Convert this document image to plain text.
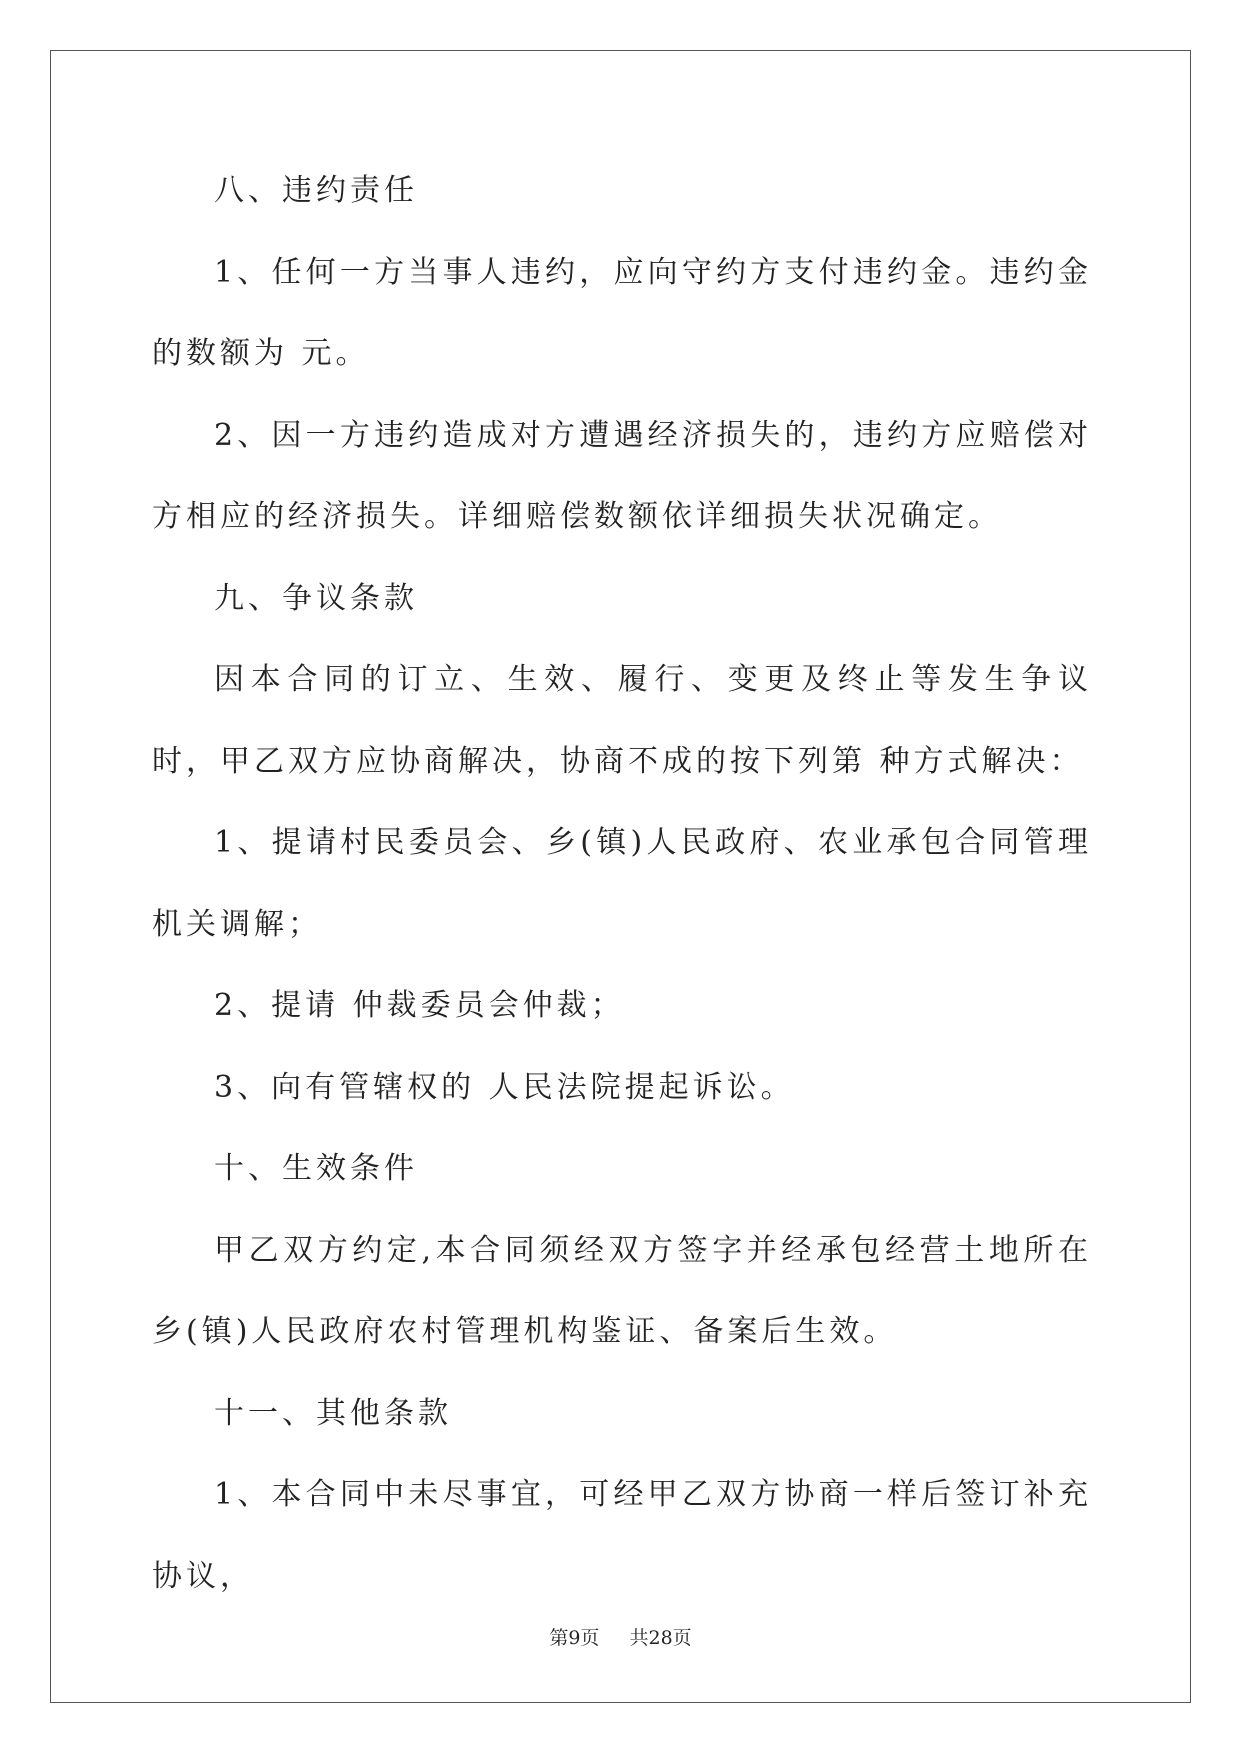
八、违约责任

1、任何一方当事人违约，应向守约方支付违约金。违约金的数额为 元。

2、因一方违约造成对方遭遇经济损失的，违约方应赔偿对方相应的经济损失。详细赔偿数额依详细损失状况确定。

九、争议条款

因本合同的订立、生效、履行、变更及终止等发生争议时，甲乙双方应协商解决，协商不成的按下列第 种方式解决：

1、提请村民委员会、乡(镇)人民政府、农业承包合同管理机关调解；

2、提请 仲裁委员会仲裁；

3、向有管辖权的 人民法院提起诉讼。

十、生效条件

甲乙双方约定,本合同须经双方签字并经承包经营土地所在乡(镇)人民政府农村管理机构鉴证、备案后生效。

十一、其他条款

1、本合同中未尽事宜，可经甲乙双方协商一样后签订补充协议，

第9页 共28页
